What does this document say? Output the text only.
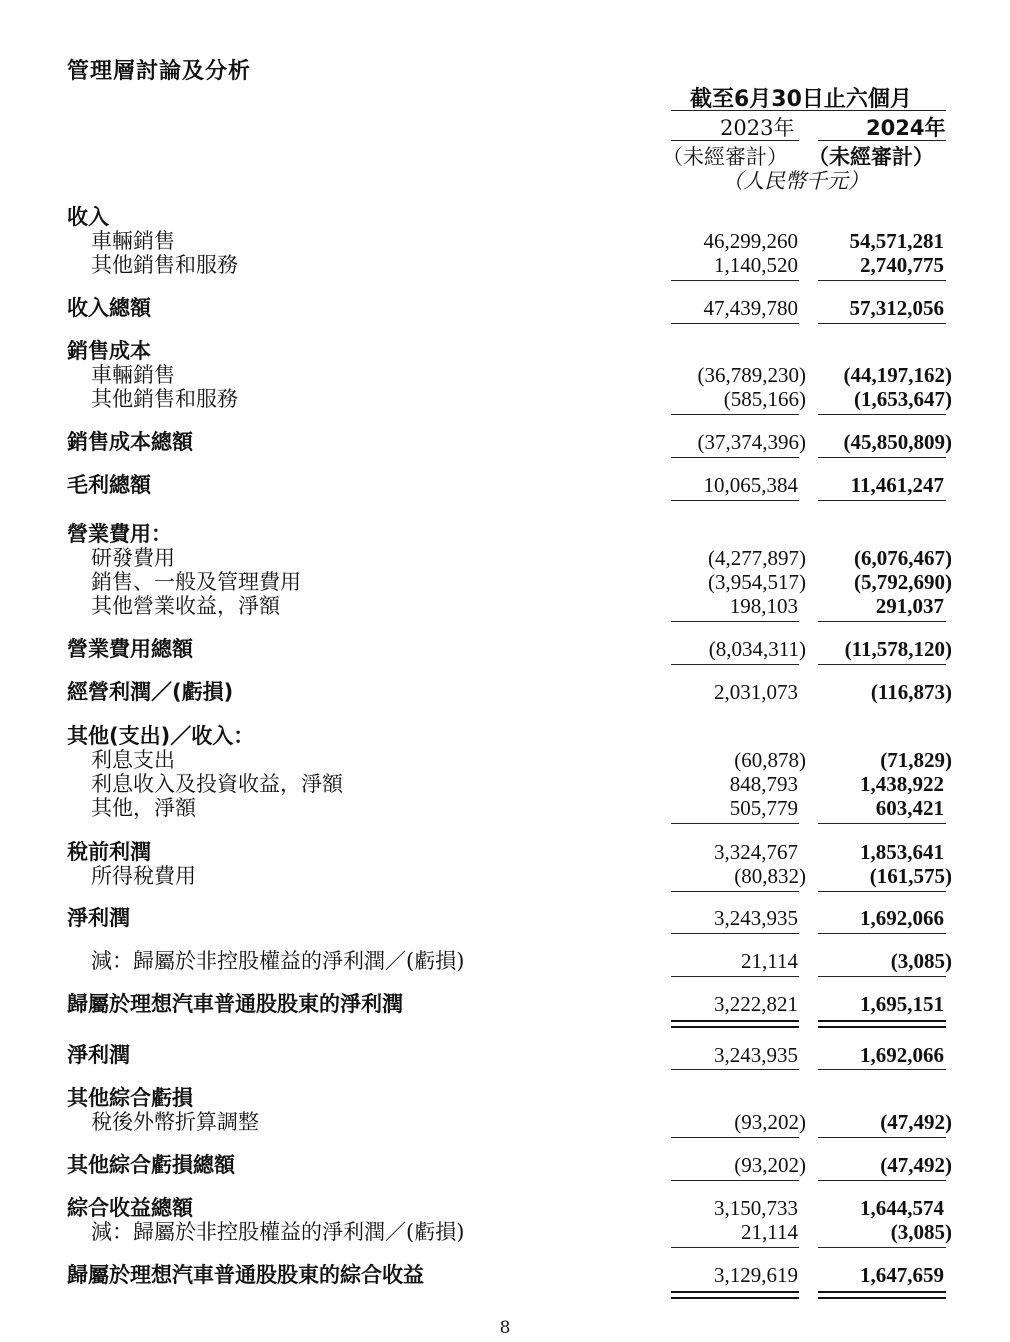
管理層討論及分析
截至6月30日止六個月
2023年	2024年
（未經審計） （未經審計）
（人民幣千元）
收入
車輛銷售	46,299,260 54,571,281
其他銷售和服務	1,140,520	2,740,775
收入總額	47,439,780 57,312,056
銷售成本
車輛銷售	(36,789,230) (44,197,162)
其他銷售和服務	(585,166) (1,653,647)
銷售成本總額	(37,374,396) (45,850,809)
毛利總額	10,065,384	11,461,247
營業費用：
研發費用	(4,277,897) (6,076,467)
銷售、一般及管理費用	(3,954,517) (5,792,690)
其他營業收益，淨額	198,103	291,037
營業費用總額	(8,034,311) (11,578,120)
經營利潤／(虧損)	2,031,073	(116,873)
其他(支出)／收入：
利息支出	(60,878)	(71,829)
利息收入及投資收益，淨額	848,793	1,438,922
其他，淨額	505,779	603,421
稅前利潤	3,324,767	1,853,641
所得稅費用	(80,832)	(161,575)
淨利潤	3,243,935	1,692,066
減：歸屬於非控股權益的淨利潤／(虧損)	21,114	(3,085)
歸屬於理想汽車普通股股東的淨利潤	3,222,821	1,695,151
淨利潤	3,243,935	1,692,066
其他綜合虧損
稅後外幣折算調整	(93,202)	(47,492)
其他綜合虧損總額	(93,202)	(47,492)
綜合收益總額	3,150,733	1,644,574
減：歸屬於非控股權益的淨利潤／(虧損)	21,114	(3,085)
歸屬於理想汽車普通股股東的綜合收益	3,129,619	1,647,659
8
